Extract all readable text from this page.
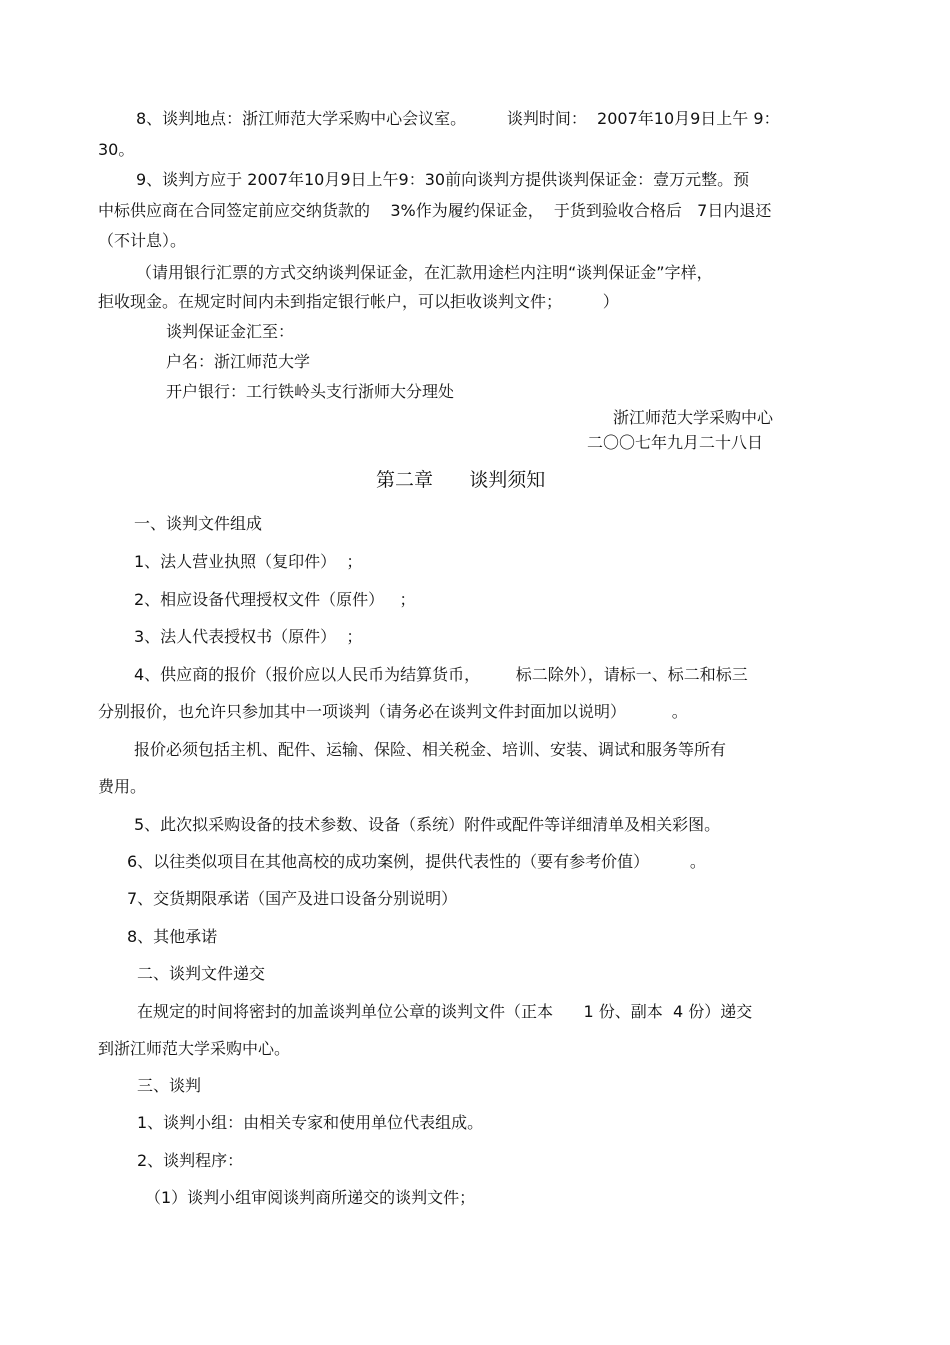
8、谈判地点：浙江师范大学采购中心会议室。        谈判时间：  2007年10月9日上午 9：
30。
9、谈判方应于 2007年10月9日上午9：30前向谈判方提供谈判保证金：壹万元整。预
中标供应商在合同签定前应交纳货款的    3%作为履约保证金，  于货到验收合格后   7日内退还
（不计息）。
（请用银行汇票的方式交纳谈判保证金，在汇款用途栏内注明“谈判保证金”字样，
拒收现金。在规定时间内未到指定银行帐户，可以拒收谈判文件；        ）
谈判保证金汇至：
户名：浙江师范大学
开户银行：工行铁岭头支行浙师大分理处
浙江师范大学采购中心
二〇〇七年九月二十八日
第二章      谈判须知
一、谈判文件组成
1、法人营业执照（复印件）  ；
2、相应设备代理授权文件（原件）   ；
3、法人代表授权书（原件）  ；
4、供应商的报价（报价应以人民币为结算货币，       标二除外），请标一、标二和标三
分别报价，也允许只参加其中一项谈判（请务必在谈判文件封面加以说明）         。
报价必须包括主机、配件、运输、保险、相关税金、培训、安装、调试和服务等所有
费用。
5、此次拟采购设备的技术参数、设备（系统）附件或配件等详细清单及相关彩图。
6、以往类似项目在其他高校的成功案例，提供代表性的（要有参考价值）        。
7、交货期限承诺（国产及进口设备分别说明）
8、其他承诺
二、谈判文件递交
在规定的时间将密封的加盖谈判单位公章的谈判文件（正本      1 份、副本  4 份）递交
到浙江师范大学采购中心。
三、谈判
1、谈判小组：由相关专家和使用单位代表组成。
2、谈判程序：
（1）谈判小组审阅谈判商所递交的谈判文件；
